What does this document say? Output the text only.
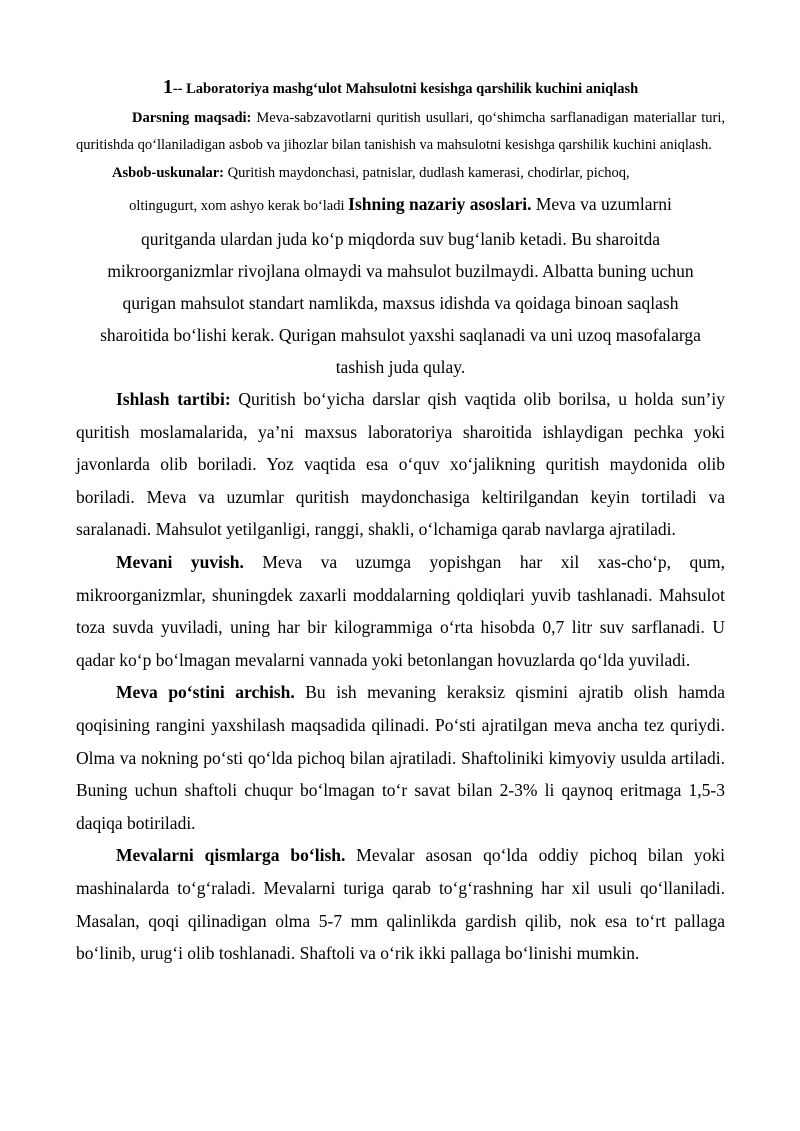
1-- Laboratoriya mashg‘ulot Mahsulotni kesishga qarshilik kuchini aniqlash

Darsning maqsadi: Meva-sabzavotlarni quritish usullari, qo‘shimcha sarflanadigan materiallar turi, quritishda qo‘llaniladigan asbob va jihozlar bilan tanishish va mahsulotni kesishga qarshilik kuchini aniqlash.

Asbob-uskunalar: Quritish maydonchasi, patnislar, dudlash kamerasi, chodirlar, pichoq,

oltingugurt, xom ashyo kerak bo‘ladi Ishning nazariy asoslari. Meva va uzumlarni

quritganda ulardan juda ko‘p miqdorda suv bug‘lanib ketadi. Bu sharoitda

mikroorganizmlar rivojlana olmaydi va mahsulot buzilmaydi. Albatta buning uchun

qurigan mahsulot standart namlikda, maxsus idishda va qoidaga binoan saqlash

sharoitida bo‘lishi kerak. Qurigan mahsulot yaxshi saqlanadi va uni uzoq masofalarga

tashish juda qulay.

Ishlash tartibi: Quritish bo‘yicha darslar qish vaqtida olib borilsa, u holda sun’iy quritish moslamalarida, ya’ni maxsus laboratoriya sharoitida ishlaydigan pechka yoki javonlarda olib boriladi. Yoz vaqtida esa o‘quv xo‘jalikning quritish maydonida olib boriladi. Meva va uzumlar quritish maydonchasiga keltirilgandan keyin tortiladi va saralanadi. Mahsulot yetilganligi, ranggi, shakli, o‘lchamiga qarab navlarga ajratiladi.

Mevani yuvish. Meva va uzumga yopishgan har xil xas-cho‘p, qum, mikroorganizmlar, shuningdek zaxarli moddalarning qoldiqlari yuvib tashlanadi. Mahsulot toza suvda yuviladi, uning har bir kilogrammiga o‘rta hisobda 0,7 litr suv sarflanadi. U qadar ko‘p bo‘lmagan mevalarni vannada yoki betonlangan hovuzlarda qo‘lda yuviladi.

Meva po‘stini archish. Bu ish mevaning keraksiz qismini ajratib olish hamda qoqisining rangini yaxshilash maqsadida qilinadi. Po‘sti ajratilgan meva ancha tez quriydi. Olma va nokning po‘sti qo‘lda pichoq bilan ajratiladi. Shaftoliniki kimyoviy usulda artiladi. Buning uchun shaftoli chuqur bo‘lmagan to‘r savat bilan 2-3% li qaynoq eritmaga 1,5-3 daqiqa botiriladi.

Mevalarni qismlarga bo‘lish. Mevalar asosan qo‘lda oddiy pichoq bilan yoki mashinalarda to‘g‘raladi. Mevalarni turiga qarab to‘g‘rashning har xil usuli qo‘llaniladi. Masalan, qoqi qilinadigan olma 5-7 mm qalinlikda gardish qilib, nok esa to‘rt pallaga bo‘linib, urug‘i olib toshlanadi. Shaftoli va o‘rik ikki pallaga bo‘linishi mumkin.
